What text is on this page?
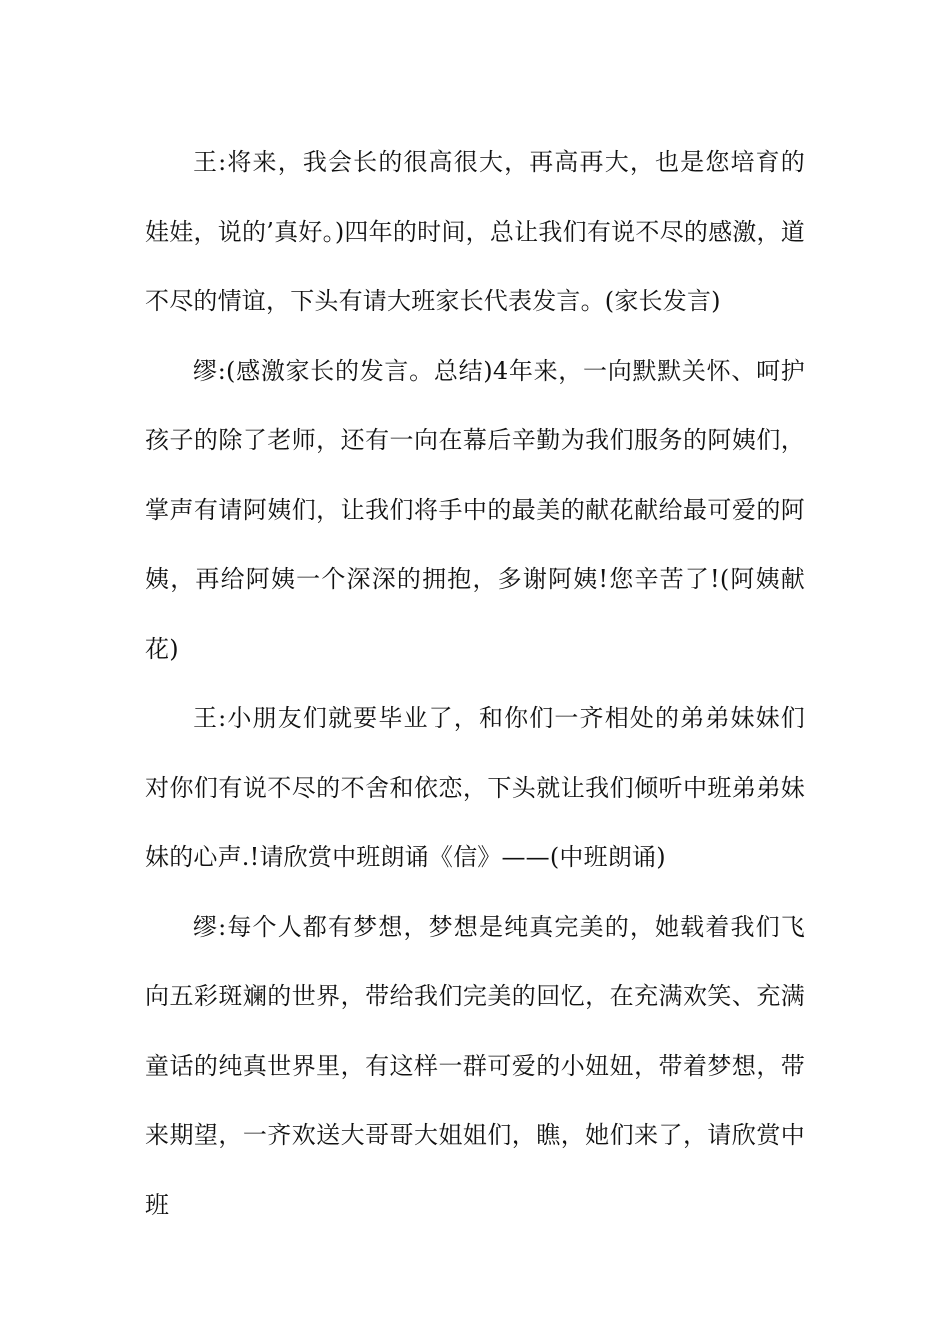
王:将来，我会长的很高很大，再高再大，也是您培育的娃娃，说的’真好。)四年的时间，总让我们有说不尽的感激，道不尽的情谊，下头有请大班家长代表发言。(家长发言)

缪:(感激家长的发言。总结)4年来，一向默默关怀、呵护孩子的除了老师，还有一向在幕后辛勤为我们服务的阿姨们，掌声有请阿姨们，让我们将手中的最美的献花献给最可爱的阿姨，再给阿姨一个深深的拥抱，多谢阿姨!您辛苦了!(阿姨献花)

王:小朋友们就要毕业了，和你们一齐相处的弟弟妹妹们对你们有说不尽的不舍和依恋，下头就让我们倾听中班弟弟妹妹的心声.!请欣赏中班朗诵《信》——(中班朗诵)

缪:每个人都有梦想，梦想是纯真完美的，她载着我们飞向五彩斑斓的世界，带给我们完美的回忆，在充满欢笑、充满童话的纯真世界里，有这样一群可爱的小妞妞，带着梦想，带来期望，一齐欢送大哥哥大姐姐们，瞧，她们来了，请欣赏中班
